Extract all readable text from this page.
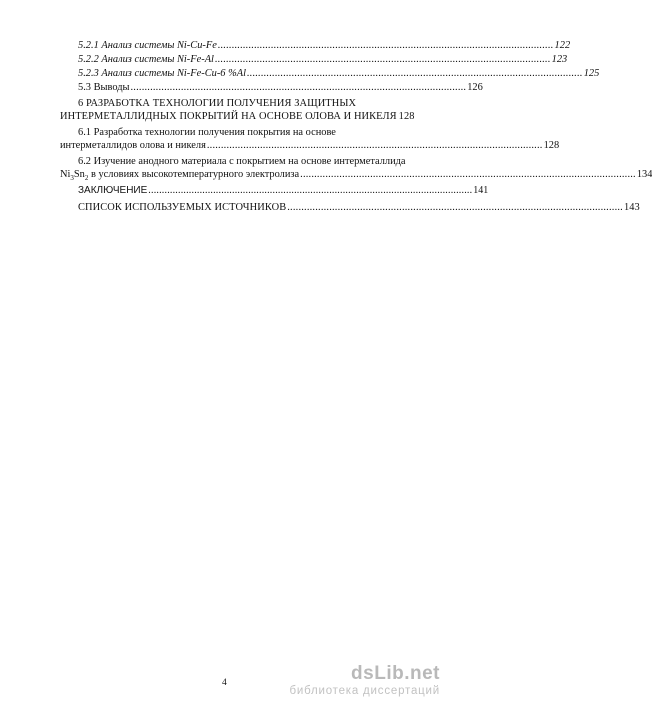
5.2.1 Анализ системы Ni-Cu-Fe ........................................................................................................................ 122
5.2.2 Анализ системы Ni-Fe-Al ........................................................................................................................ 123
5.2.3 Анализ системы Ni-Fe-Cu-6 %Al ........................................................................................................................ 125
5.3 Выводы ........................................................................................................................ 126
6 РАЗРАБОТКА ТЕХНОЛОГИИ ПОЛУЧЕНИЯ ЗАЩИТНЫХ
ИНТЕРМЕТАЛЛИДНЫХ ПОКРЫТИЙ НА ОСНОВЕ ОЛОВА И НИКЕЛЯ 128
6.1 Разработка технологии получения покрытия на основе
интерметаллидов олова и никеля ........................................................................................................................ 128
6.2 Изучение анодного материала с покрытием на основе интерметаллида
$Ni_3Sn_2$ в условиях высокотемпературного электролиза ........................................................................................................................ 134
ЗАКЛЮЧЕНИЕ ........................................................................................................................ 141
СПИСОК ИСПОЛЬЗУЕМЫХ ИСТОЧНИКОВ ........................................................................................................................ 143
4	dsLib.net
библиотека диссертаций
